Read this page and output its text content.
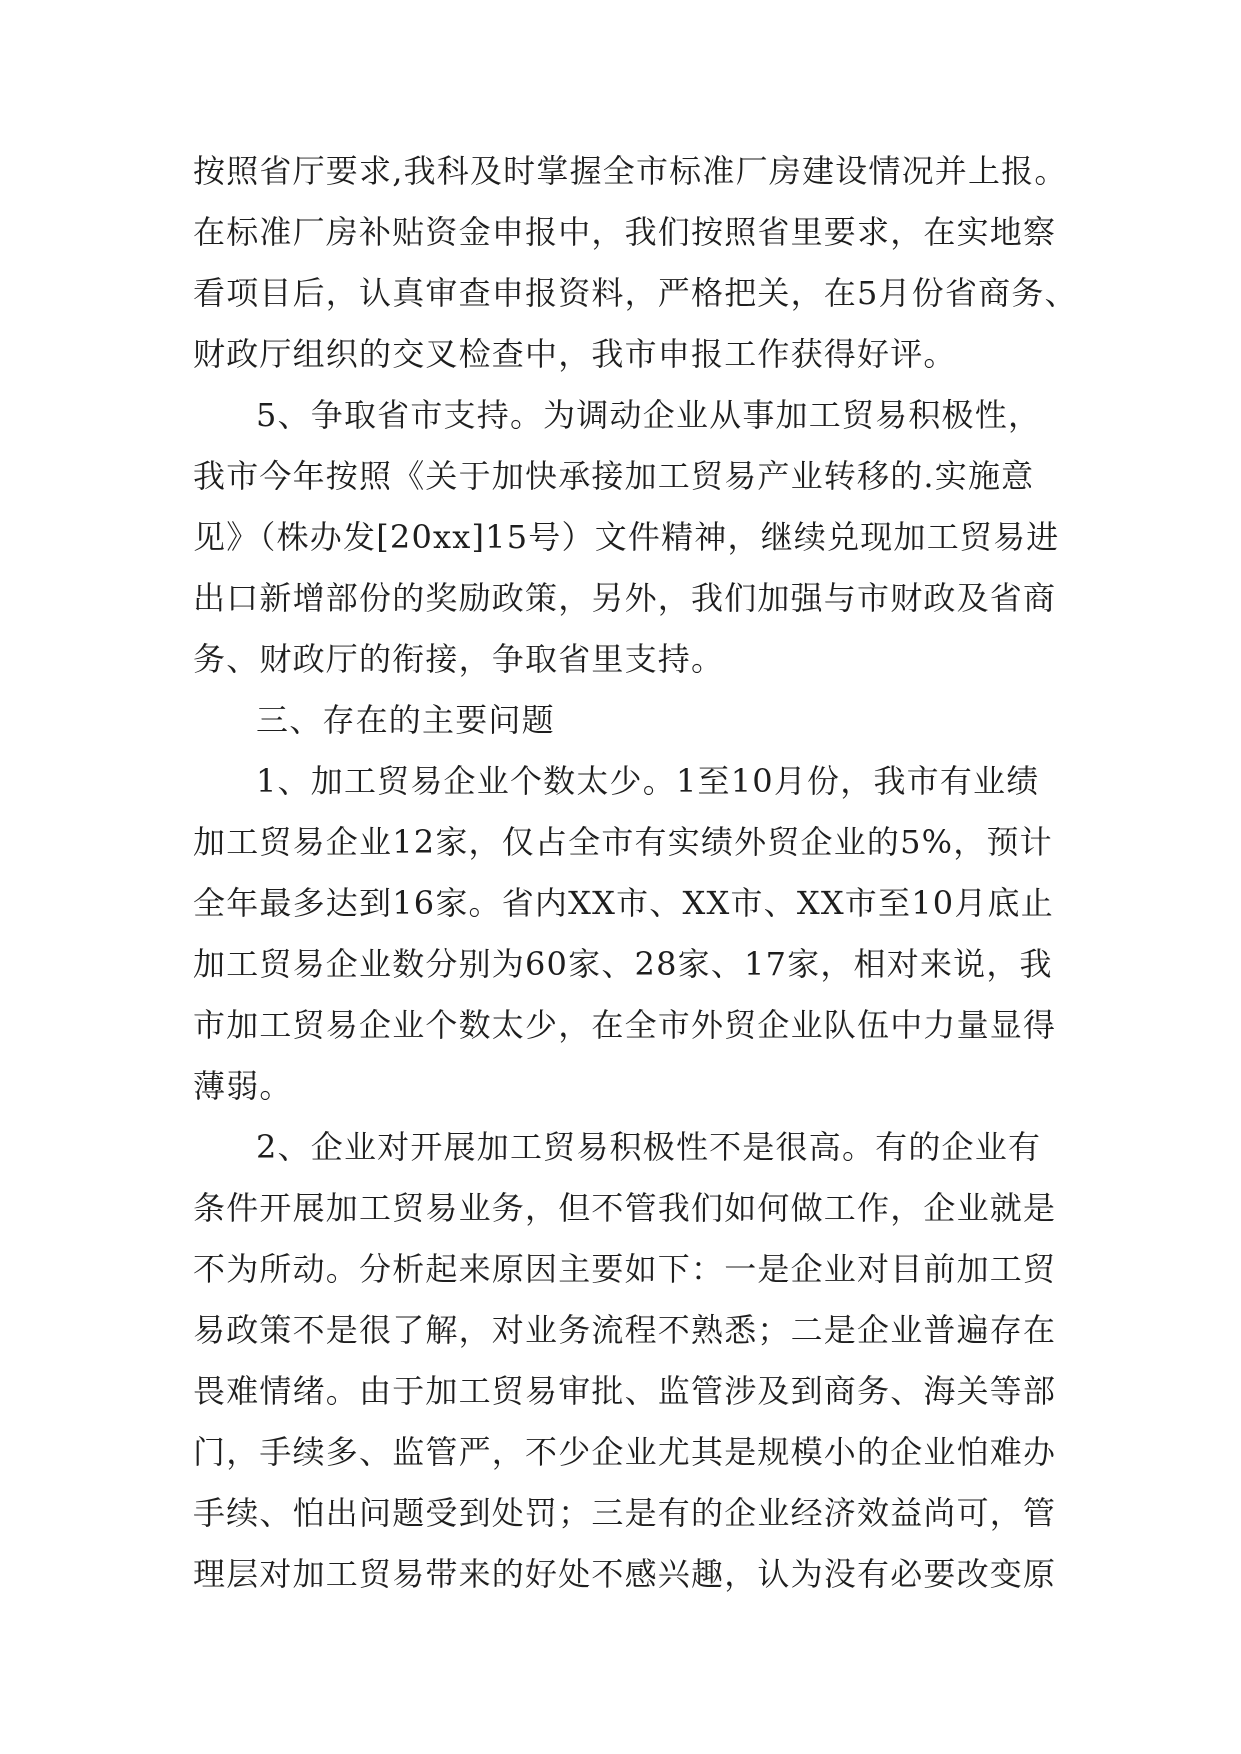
按照省厅要求,我科及时掌握全市标准厂房建设情况并上报。
在标准厂房补贴资金申报中，我们按照省里要求，在实地察
看项目后，认真审查申报资料，严格把关，在5月份省商务、
财政厅组织的交叉检查中，我市申报工作获得好评。
5、争取省市支持。为调动企业从事加工贸易积极性，
我市今年按照《关于加快承接加工贸易产业转移的.实施意
见》（株办发[20xx]15号）文件精神，继续兑现加工贸易进
出口新增部份的奖励政策，另外，我们加强与市财政及省商
务、财政厅的衔接，争取省里支持。
三、存在的主要问题
1、加工贸易企业个数太少。1至10月份，我市有业绩
加工贸易企业12家，仅占全市有实绩外贸企业的5%，预计
全年最多达到16家。省内XX市、XX市、XX市至10月底止
加工贸易企业数分别为60家、28家、17家，相对来说，我
市加工贸易企业个数太少，在全市外贸企业队伍中力量显得
薄弱。
2、企业对开展加工贸易积极性不是很高。有的企业有
条件开展加工贸易业务，但不管我们如何做工作，企业就是
不为所动。分析起来原因主要如下：一是企业对目前加工贸
易政策不是很了解，对业务流程不熟悉；二是企业普遍存在
畏难情绪。由于加工贸易审批、监管涉及到商务、海关等部
门，手续多、监管严，不少企业尤其是规模小的企业怕难办
手续、怕出问题受到处罚；三是有的企业经济效益尚可，管
理层对加工贸易带来的好处不感兴趣，认为没有必要改变原
